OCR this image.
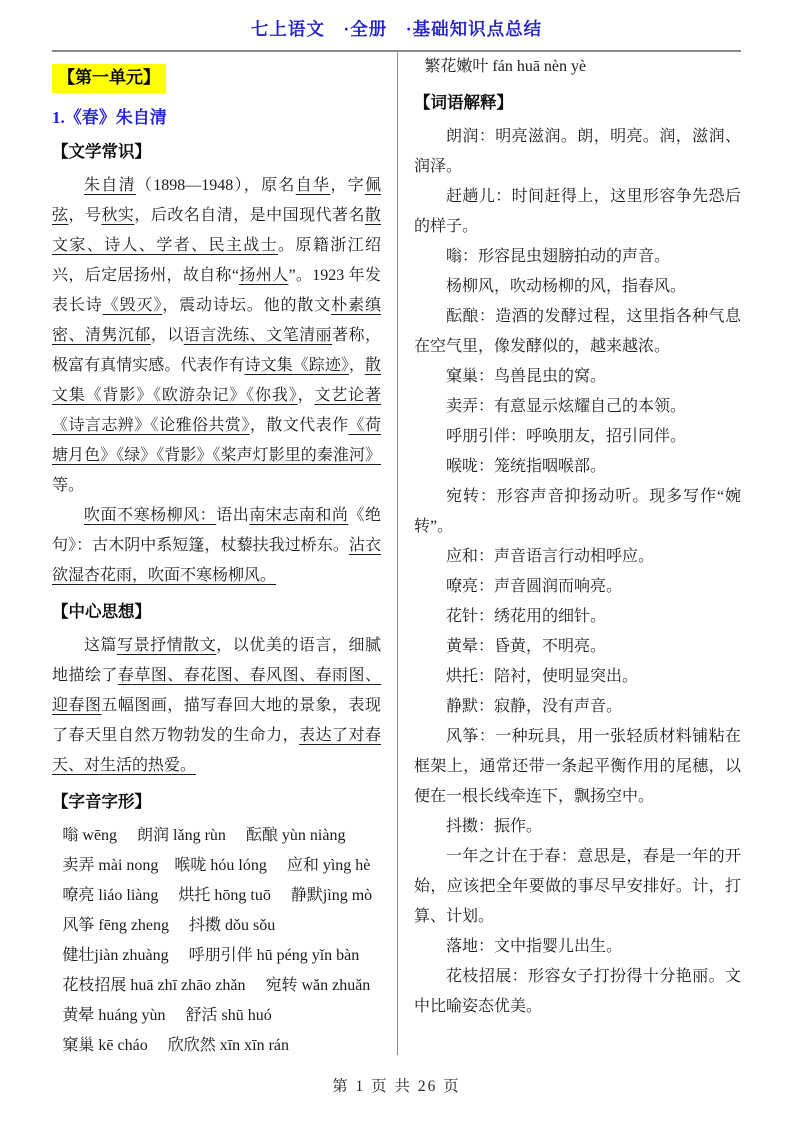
七上语文　·全册　·基础知识点总结

【第一单元】

1.《春》朱自清

【文学常识】

朱自清（1898—1948），原名自华，字佩弦，号秋实，后改名自清，是中国现代著名散文家、诗人、学者、民主战士。原籍浙江绍兴，后定居扬州，故自称“扬州人”。1923 年发表长诗《毁灭》，震动诗坛。他的散文朴素缜密、清隽沉郁，以语言洗练、文笔清丽著称，极富有真情实感。代表作有诗文集《踪迹》，散文集《背影》《欧游杂记》《你我》，文艺论著《诗言志辨》《论雅俗共赏》，散文代表作《荷塘月色》《绿》《背影》《桨声灯影里的秦淮河》等。

吹面不寒杨柳风：语出南宋志南和尚《绝句》：古木阴中系短篷，杖藜扶我过桥东。沾衣欲湿杏花雨，吹面不寒杨柳风。

【中心思想】

这篇写景抒情散文，以优美的语言，细腻地描绘了春草图、春花图、春风图、春雨图、迎春图五幅图画，描写春回大地的景象，表现了春天里自然万物勃发的生命力，表达了对春天、对生活的热爱。

【字音字形】

嗡 wēng　 朗润 lǎng rùn　 酝酿 yùn niàng

卖弄 mài nong　喉咙 hóu lóng　 应和 yìng hè

嘹亮 liáo liàng　 烘托 hōng tuō　 静默jìng mò

风筝 fēng zheng　 抖擞 dǒu sǒu

健壮jiàn zhuàng　 呼朋引伴 hū péng yǐn bàn

花枝招展 huā zhī zhāo zhǎn　 宛转 wǎn zhuǎn

黄晕 huáng yùn　 舒活 shū huó

窠巢 kē cháo　 欣欣然 xīn xīn rán

繁花嫩叶 fán huā nèn yè

【词语解释】

朗润：明亮滋润。朗，明亮。润，滋润、润泽。

赶趟儿：时间赶得上，这里形容争先恐后的样子。

嗡：形容昆虫翅膀拍动的声音。

杨柳风，吹动杨柳的风，指春风。

酝酿：造酒的发酵过程，这里指各种气息在空气里，像发酵似的，越来越浓。

窠巢：鸟兽昆虫的窝。

卖弄：有意显示炫耀自己的本领。

呼朋引伴：呼唤朋友，招引同伴。

喉咙：笼统指咽喉部。

宛转：形容声音抑扬动听。现多写作“婉转”。

应和：声音语言行动相呼应。

嘹亮：声音圆润而响亮。

花针：绣花用的细针。

黄晕：昏黄，不明亮。

烘托：陪衬，使明显突出。

静默：寂静，没有声音。

风筝：一种玩具，用一张轻质材料铺粘在框架上，通常还带一条起平衡作用的尾穗，以便在一根长线牵连下，飘扬空中。

抖擞：振作。

一年之计在于春：意思是，春是一年的开始，应该把全年要做的事尽早安排好。计，打算、计划。

落地：文中指婴儿出生。

花枝招展：形容女子打扮得十分艳丽。文中比喻姿态优美。

第 1 页 共 26 页
